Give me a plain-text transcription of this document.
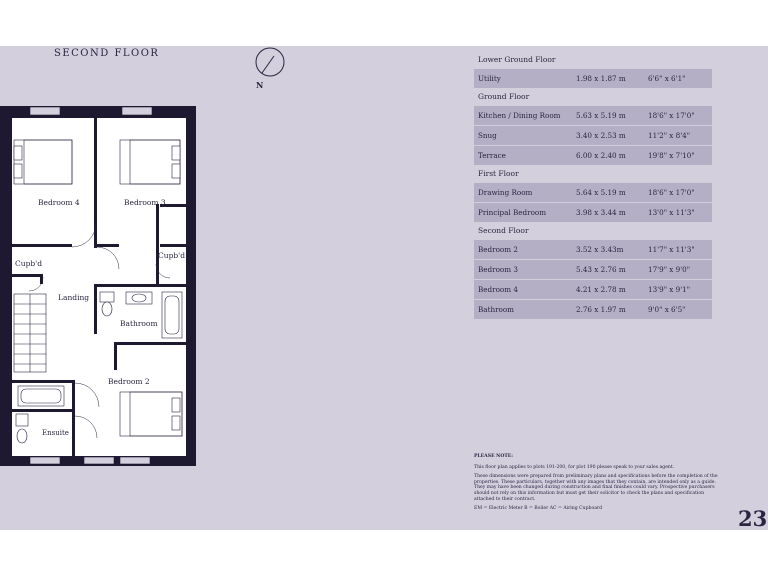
SECOND FLOOR
N
Bedroom 4	Bedroom 3
Cupb'd
Cupb'd
Landing
Bathroom
Bedroom 2
Ensuite
Lower Ground Floor
Utility	1.98 x 1.87 m	6'6" x 6'1"
Ground Floor
Kitchen / Dining Room 5.63 x 5.19 m	18'6" x 17'0"
Snug	3.40 x 2.53 m	11'2" x 8'4"
Terrace	6.00 x 2.40 m	19'8" x 7'10"
First Floor
Drawing Room	5.64 x 5.19 m	18'6" x 17'0"
Principal Bedroom	3.98 x 3.44 m	13'0" x 11'3"
Second Floor
Bedroom 2	3.52 x 3.43m	11'7" x 11'3"
Bedroom 3	5.43 x 2.76 m	17'9" x 9'0"
Bedroom 4	4.21 x 2.78 m	13'9" x 9'1"
Bathroom	2.76 x 1.97 m	9'0" x 6'5"
PLEASE NOTE:

This floor plan applies to plots 191-200, for plot 190 please speak to your sales agent.

These dimensions were prepared from preliminary plans and specifications before the completion of the properties. These particulars, together with any images that they contain, are intended only as a guide. They may have been changed during construction and final finishes could vary. Prospective purchasers should not rely on this information but must get their solicitor to check the plans and specification attached to their contract.

EM = Electric Meter B = Boiler AC = Airing Cupboard	23
